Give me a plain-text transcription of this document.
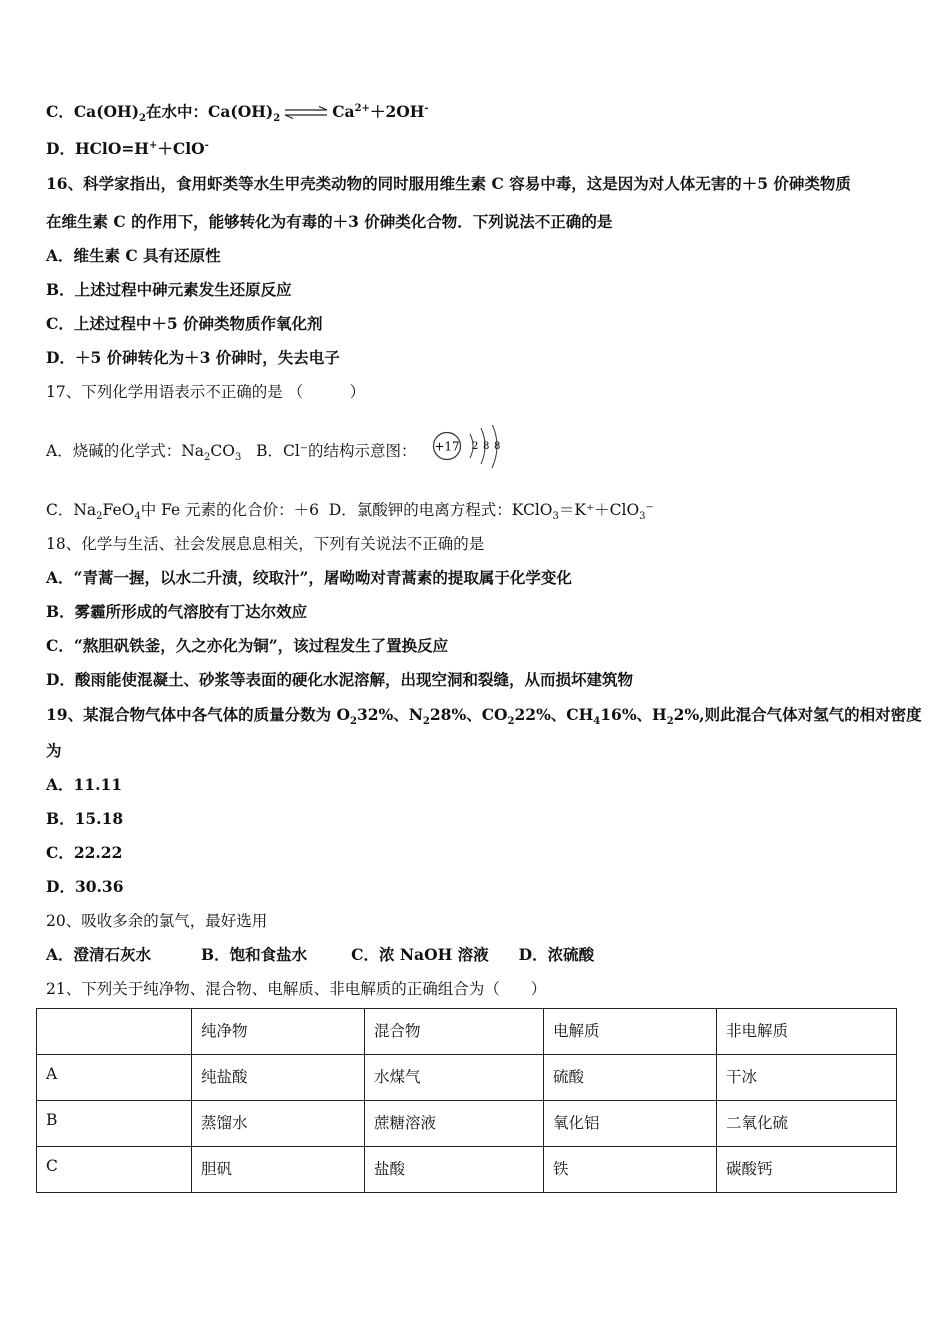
C．$Ca(OH)_2$在水中：$Ca(OH)_2$ ⇌ $Ca^{2+}+2OH^-$
D．HClO=H+＋ClO-
16、科学家指出，食用虾类等水生甲壳类动物的同时服用维生素 C 容易中毒，这是因为对人体无害的＋5 价砷类物质
在维生素 C 的作用下，能够转化为有毒的＋3 价砷类化合物．下列说法不正确的是
A．维生素 C 具有还原性
B．上述过程中砷元素发生还原反应
C．上述过程中＋5 价砷类物质作氧化剂
D．＋5 价砷转化为＋3 价砷时，失去电子
17、下列化学用语表示不正确的是 （　　　）
A．烧碱的化学式：$Na_2CO_3$ B．Cl⁻的结构示意图： +17 2 8 8
C．$Na_2FeO_4$中 Fe 元素的化合价：＋6 D．氯酸钾的电离方程式：KClO$_3$＝K⁺＋ClO$_3$⁻
18、化学与生活、社会发展息息相关，下列有关说法不正确的是
A．“青蒿一握，以水二升渍，绞取汁”，屠呦呦对青蒿素的提取属于化学变化
B．雾霾所形成的气溶胶有丁达尔效应
C．“熬胆矾铁釜，久之亦化为铜”，该过程发生了置换反应
D．酸雨能使混凝土、砂浆等表面的硬化水泥溶解，出现空洞和裂缝，从而损坏建筑物
19、某混合物气体中各气体的质量分数为 $O_232\%$、$N_228\%$、$CO_222\%$、$CH_416\%$、$H_22\%$,则此混合气体对氢气的相对密度
为
A．11.11
B．15.18
C．22.22
D．30.36
20、吸收多余的氯气，最好选用
A．澄清石灰水	B．饱和食盐水	C．浓 NaOH 溶液 D．浓硫酸
21、下列关于纯净物、混合物、电解质、非电解质的正确组合为（　　）
	纯净物	混合物	电解质	非电解质
A	纯盐酸	水煤气	硫酸	干冰
B	蒸馏水	蔗糖溶液	氧化铝	二氧化硫
C	胆矾	盐酸	铁	碳酸钙
